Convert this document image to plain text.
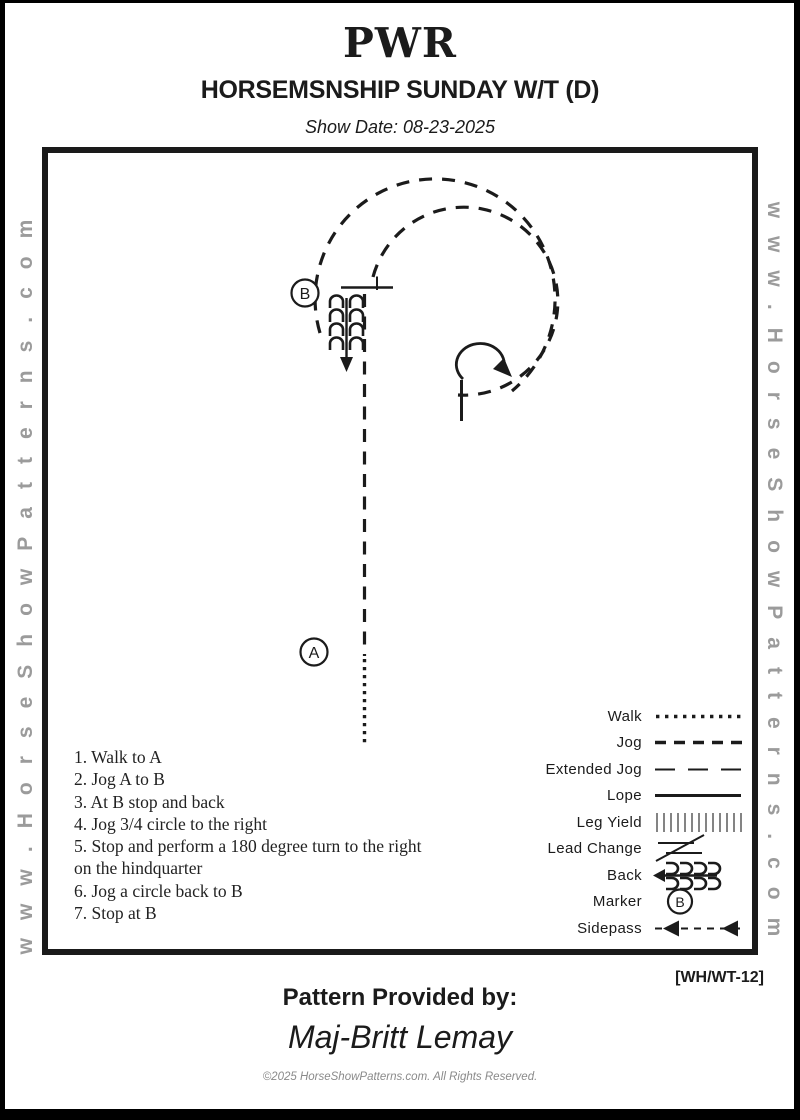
PWR
HORSEMSNSHIP SUNDAY W/T (D)
Show Date: 08-23-2025
www.HorseShowPatterns.com	www.HorseShowPatterns.com
B
A
1. Walk to A
2. Jog A to B
3. At B stop and back
4. Jog 3/4 circle to the right
5. Stop and perform a 180 degree turn to the right
on the hindquarter
6. Jog a circle back to B
7. Stop at B
Walk
Jog
Extended Jog
Lope
Leg Yield
Lead Change
Back
Marker B
Sidepass
[WH/WT-12]
Pattern Provided by:
Maj-Britt Lemay
©2025 HorseShowPatterns.com. All Rights Reserved.
